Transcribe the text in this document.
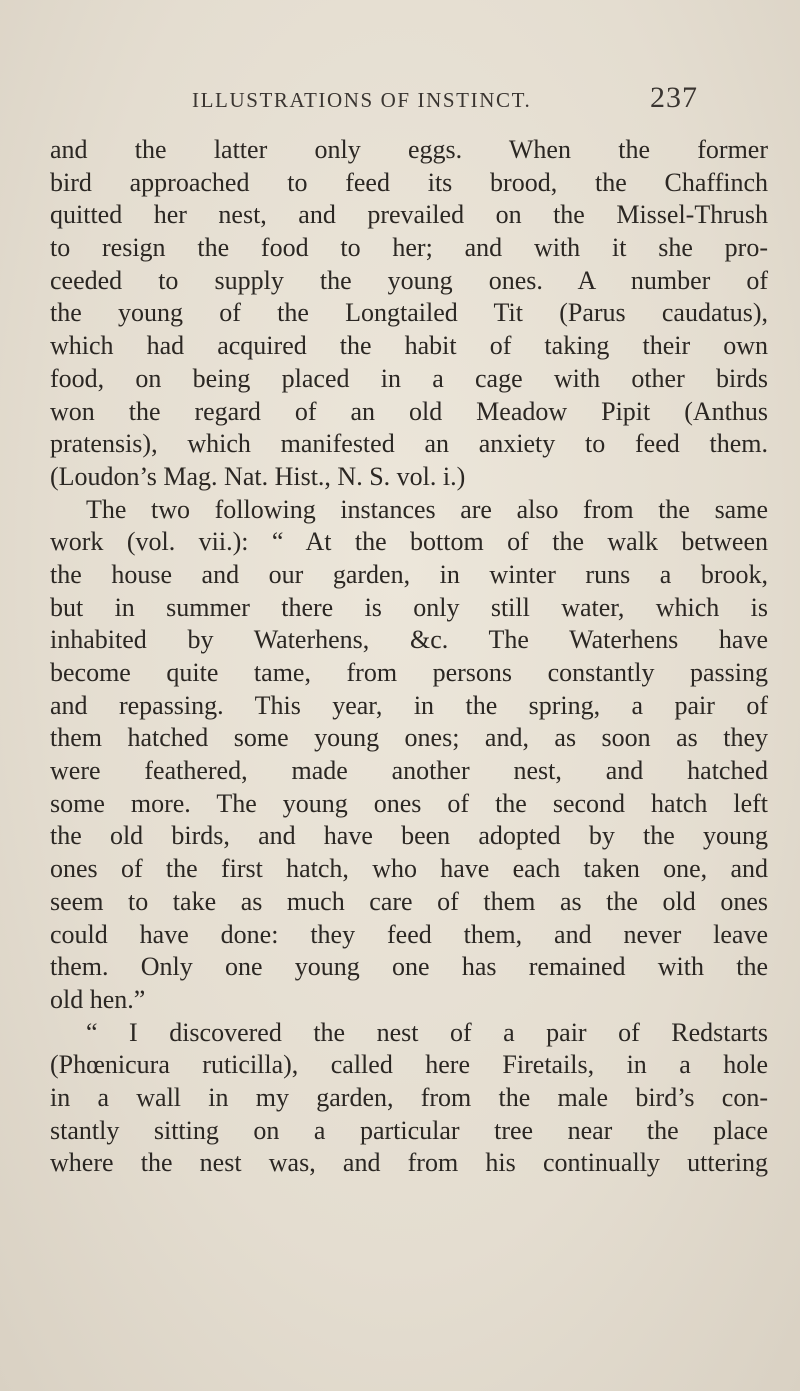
ILLUSTRATIONS OF INSTINCT.	237
and the latter only eggs. When the former
bird approached to feed its brood, the Chaffinch
quitted her nest, and prevailed on the Missel-Thrush
to resign the food to her; and with it she pro-
ceeded to supply the young ones. A number of
the young of the Longtailed Tit (Parus caudatus),
which had acquired the habit of taking their own
food, on being placed in a cage with other birds
won the regard of an old Meadow Pipit (Anthus
pratensis), which manifested an anxiety to feed them.
(Loudon’s Mag. Nat. Hist., N. S. vol. i.)
The two following instances are also from the same
work (vol. vii.): “ At the bottom of the walk between
the house and our garden, in winter runs a brook,
but in summer there is only still water, which is
inhabited by Waterhens, &c. The Waterhens have
become quite tame, from persons constantly passing
and repassing. This year, in the spring, a pair of
them hatched some young ones; and, as soon as they
were feathered, made another nest, and hatched
some more. The young ones of the second hatch left
the old birds, and have been adopted by the young
ones of the first hatch, who have each taken one, and
seem to take as much care of them as the old ones
could have done: they feed them, and never leave
them. Only one young one has remained with the
old hen.”
“ I discovered the nest of a pair of Redstarts
(Phœnicura ruticilla), called here Firetails, in a hole
in a wall in my garden, from the male bird’s con-
stantly sitting on a particular tree near the place
where the nest was, and from his continually uttering
